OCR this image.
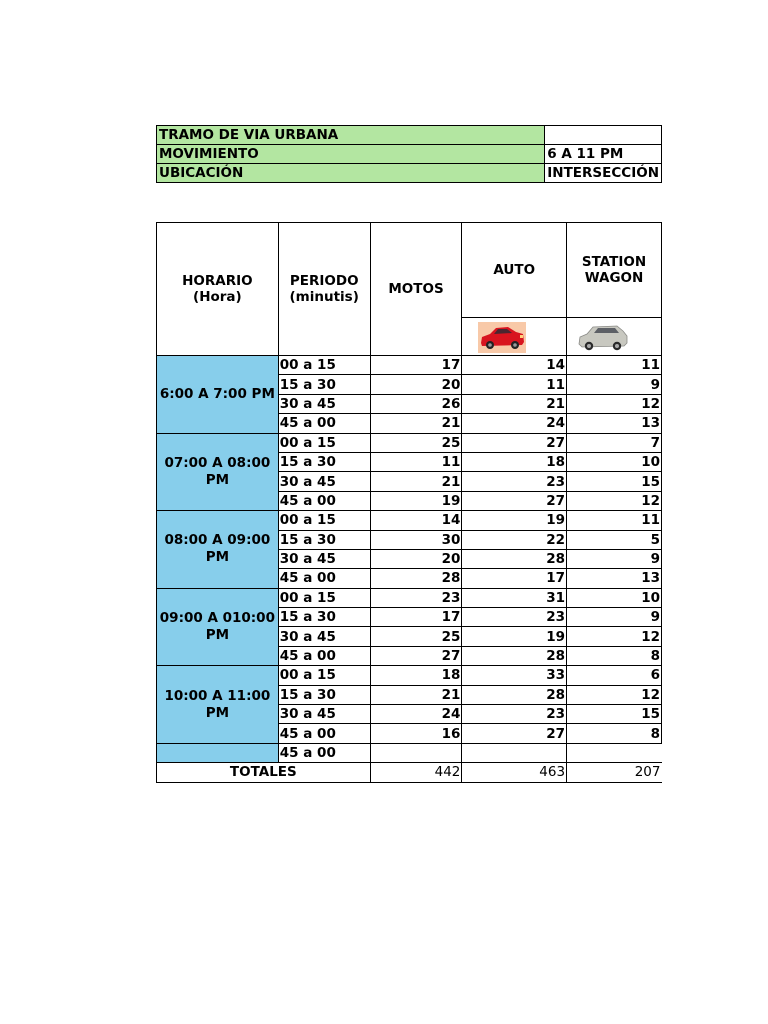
TRAMO DE VIA URBANA	
MOVIMIENTO	6 A 11 PM
UBICACIÓN	INTERSECCIÓN
HORARIO (Hora)	PERIODO (minutis)	MOTOS	AUTO	STATION WAGON

6:00 A 7:00 PM	00 a 15	17	14	11
	15 a 30	20	11	9
	30 a 45	26	21	12
	45 a 00	21	24	13
07:00 A 08:00 PM	00 a 15	25	27	7
	15 a 30	11	18	10
	30 a 45	21	23	15
	45 a 00	19	27	12
08:00 A 09:00 PM	00 a 15	14	19	11
	15 a 30	30	22	5
	30 a 45	20	28	9
	45 a 00	28	17	13
09:00 A 010:00 PM	00 a 15	23	31	10
	15 a 30	17	23	9
	30 a 45	25	19	12
	45 a 00	27	28	8
10:00 A 11:00 PM	00 a 15	18	33	6
	15 a 30	21	28	12
	30 a 45	24	23	15
	45 a 00	16	27	8
	45 a 00			
TOTALES		442	463	207
